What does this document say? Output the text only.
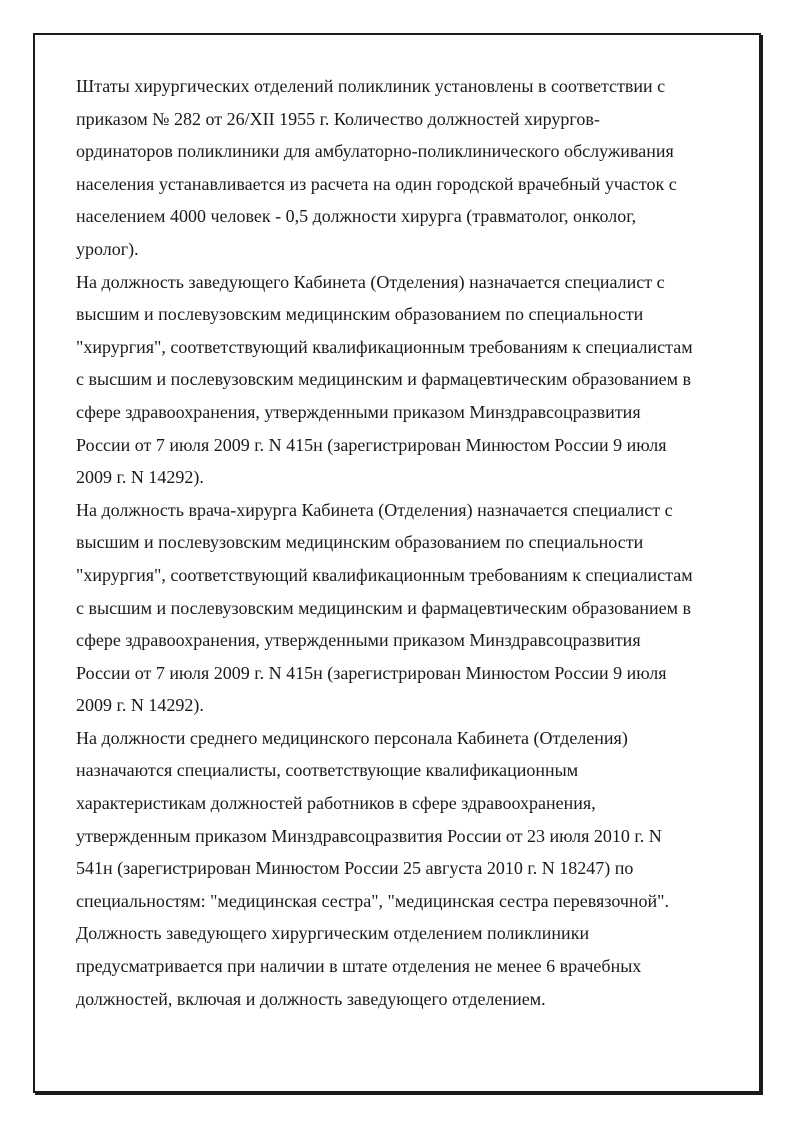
Штаты хирургических отделений поликлиник установлены в соответствии с
приказом № 282 от 26/XII 1955 г. Количество должностей хирургов-
ординаторов поликлиники для амбулаторно-поликлинического обслуживания
населения устанавливается из расчета на один городской врачебный участок с
населением 4000 человек - 0,5 должности хирурга (травматолог, онколог,
уролог).
На должность заведующего Кабинета (Отделения) назначается специалист с
высшим и послевузовским медицинским образованием по специальности
"хирургия", соответствующий квалификационным требованиям к специалистам
с высшим и послевузовским медицинским и фармацевтическим образованием в
сфере здравоохранения, утвержденными приказом Минздравсоцразвития
России от 7 июля 2009 г. N 415н (зарегистрирован Минюстом России 9 июля
2009 г. N 14292).
На должность врача-хирурга Кабинета (Отделения) назначается специалист с
высшим и послевузовским медицинским образованием по специальности
"хирургия", соответствующий квалификационным требованиям к специалистам
с высшим и послевузовским медицинским и фармацевтическим образованием в
сфере здравоохранения, утвержденными приказом Минздравсоцразвития
России от 7 июля 2009 г. N 415н (зарегистрирован Минюстом России 9 июля
2009 г. N 14292).
На должности среднего медицинского персонала Кабинета (Отделения)
назначаются специалисты, соответствующие квалификационным
характеристикам должностей работников в сфере здравоохранения,
утвержденным приказом Минздравсоцразвития России от 23 июля 2010 г. N
541н (зарегистрирован Минюстом России 25 августа 2010 г. N 18247) по
специальностям: "медицинская сестра", "медицинская сестра перевязочной".
Должность заведующего хирургическим отделением поликлиники
предусматривается при наличии в штате отделения не менее 6 врачебных
должностей, включая и должность заведующего отделением.
